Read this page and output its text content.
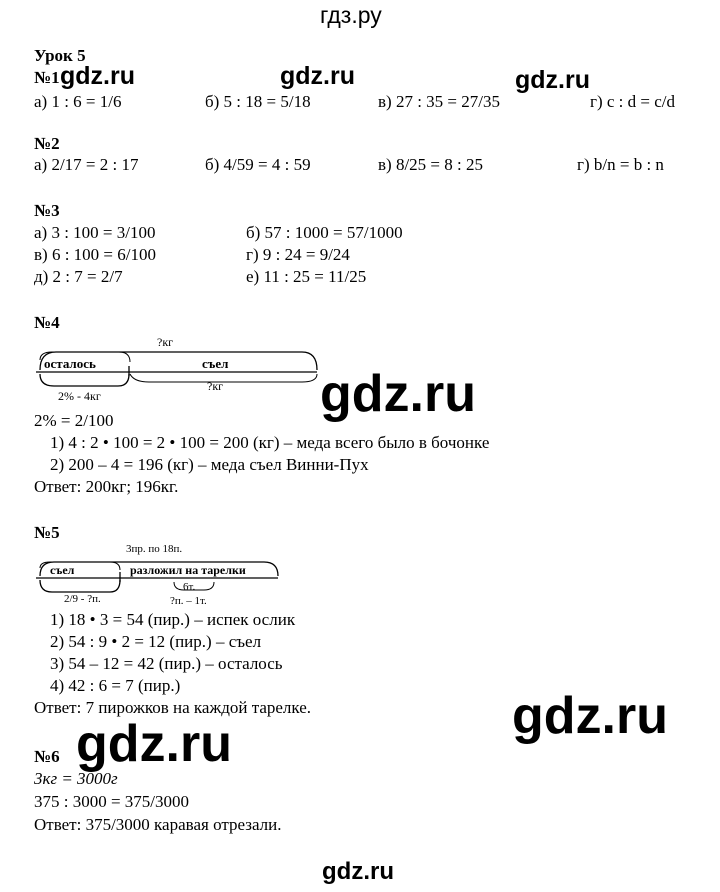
гдз.ру
Урок 5
№1 gdz.ru	gdz.ru	gdz.ru
а) 1 : 6 = 1/6	б) 5 : 18 = 5/18	в) 27 : 35 = 27/35	г) с : d = c/d
№2
а) 2/17 = 2 : 17	б) 4/59 = 4 : 59	в) 8/25 = 8 : 25	г) b/n = b : n
№3
а) 3 : 100 = 3/100	б) 57 : 1000 = 57/1000
в) 6 : 100 = 6/100	г) 9 : 24 = 9/24
д) 2 : 7 = 2/7	е) 11 : 25 = 11/25
№4
?кг
осталось	съел
?кг
2% - 4кг	gdz.ru
2% = 2/100
1) 4 : 2 • 100 = 2 • 100 = 200 (кг) – меда всего было в бочонке
2) 200 – 4 = 196 (кг) – меда съел Винни-Пух
Ответ: 200кг; 196кг.
№5
3пр. по 18п.
съел	разложил на тарелки
6т.
?п. – 1т.
2/9 - ?п.
1) 18 • 3 = 54 (пир.) – испек ослик
2) 54 : 9 • 2 = 12 (пир.) – съел
3) 54 – 12 = 42 (пир.) – осталось
4) 42 : 6 = 7 (пир.)
Ответ: 7 пирожков на каждой тарелке.	gdz.ru
№6 gdz.ru
3кг = 3000г
375 : 3000 = 375/3000
Ответ: 375/3000 каравая отрезали.
gdz.ru
